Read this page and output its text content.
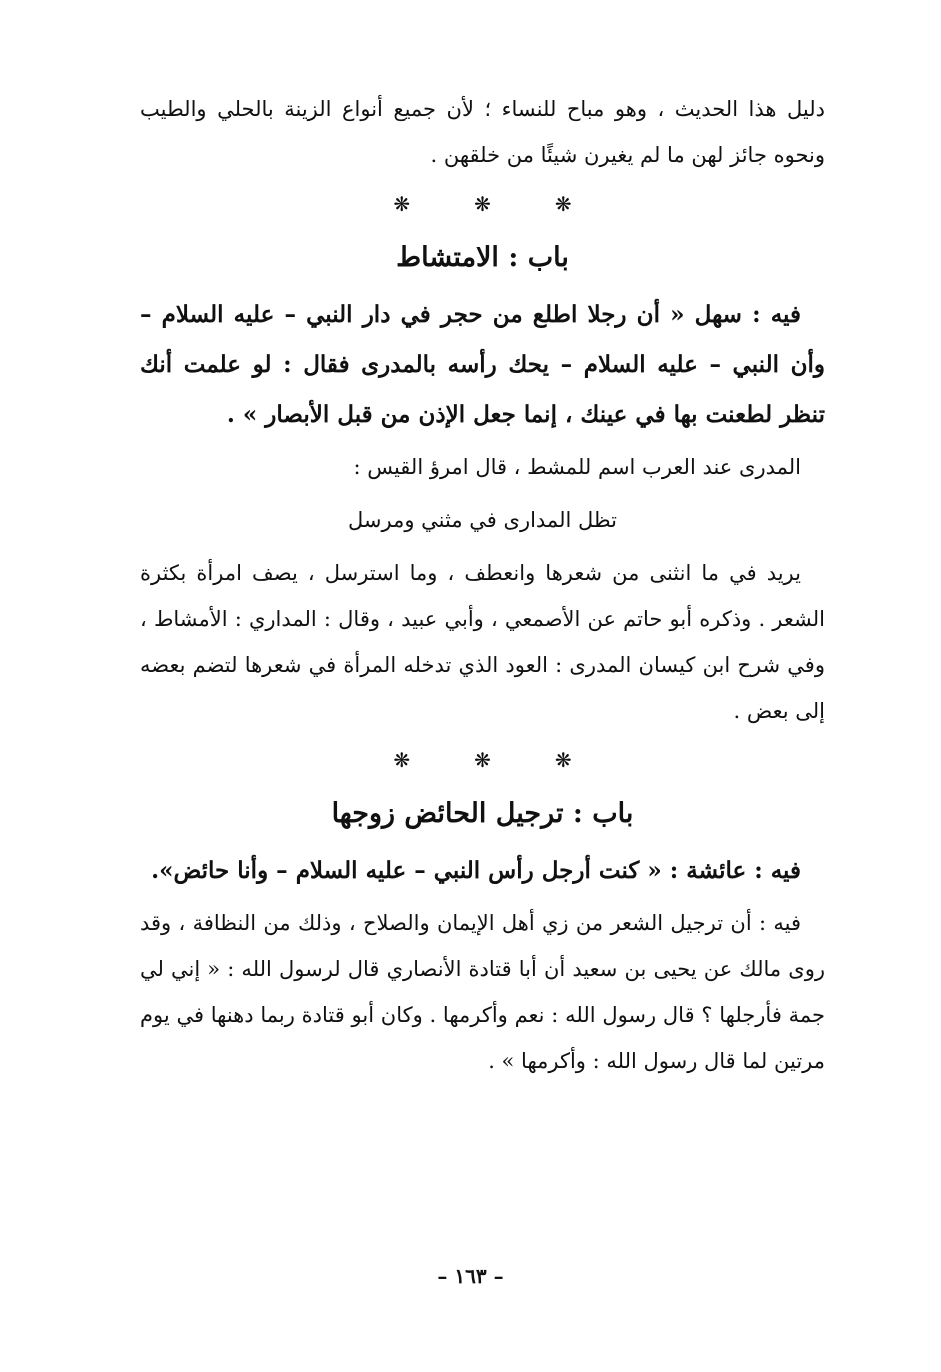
دليل هذا الحديث ، وهو مباح للنساء ؛ لأن جميع أنواع الزينة بالحلي والطيب ونحوه جائز لهن ما لم يغيرن شيئًا من خلقهن .

❋❋❋
باب : الامتشاط

فيه : سهل « أن رجلا اطلع من حجر في دار النبي – عليه السلام – وأن النبي – عليه السلام – يحك رأسه بالمدرى فقال : لو علمت أنك تنظر لطعنت بها في عينك ، إنما جعل الإذن من قبل الأبصار » .

المدرى عند العرب اسم للمشط ، قال امرؤ القيس :

تظل المدارى في مثني ومرسل

يريد في ما انثنى من شعرها وانعطف ، وما استرسل ، يصف امرأة بكثرة الشعر . وذكره أبو حاتم عن الأصمعي ، وأبي عبيد ، وقال : المداري : الأمشاط ، وفي شرح ابن كيسان المدرى : العود الذي تدخله المرأة في شعرها لتضم بعضه إلى بعض .

❋❋❋
باب : ترجيل الحائض زوجها

فيه : عائشة : « كنت أرجل رأس النبي – عليه السلام – وأنا حائض».

فيه : أن ترجيل الشعر من زي أهل الإيمان والصلاح ، وذلك من النظافة ، وقد روى مالك عن يحيى بن سعيد أن أبا قتادة الأنصاري قال لرسول الله : « إني لي جمة فأرجلها ؟ قال رسول الله : نعم وأكرمها . وكان أبو قتادة ربما دهنها في يوم مرتين لما قال رسول الله : وأكرمها » .

– ١٦٣ –
